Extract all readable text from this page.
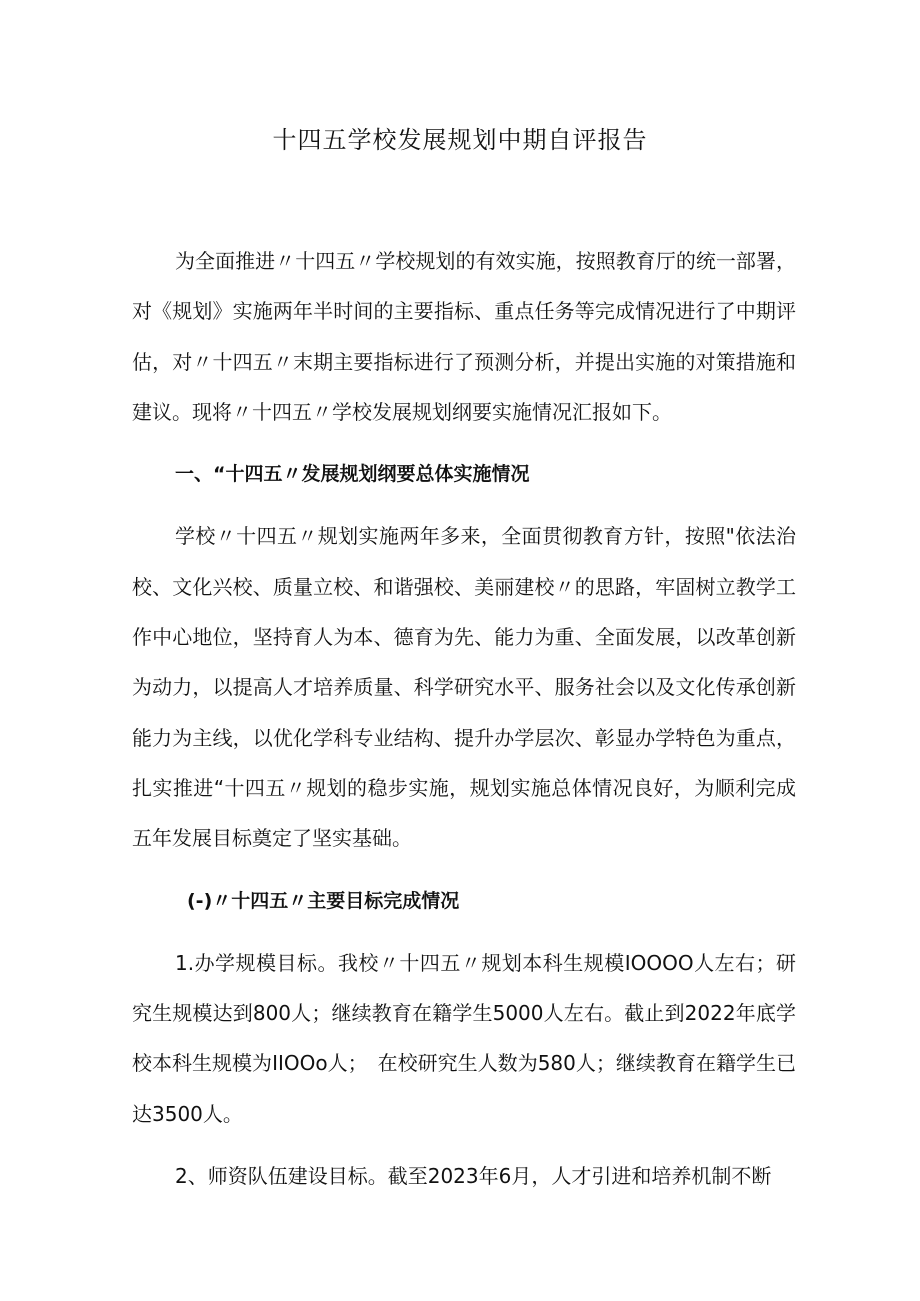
十四五学校发展规划中期自评报告

为全面推进〃十四五〃学校规划的有效实施，按照教育厅的统一部署，对《规划》实施两年半时间的主要指标、重点任务等完成情况进行了中期评估，对〃十四五〃末期主要指标进行了预测分析，并提出实施的对策措施和建议。现将〃十四五〃学校发展规划纲要实施情况汇报如下。

一、“十四五〃发展规划纲要总体实施情况

学校〃十四五〃规划实施两年多来，全面贯彻教育方针，按照"依法治校、文化兴校、质量立校、和谐强校、美丽建校〃的思路，牢固树立教学工作中心地位，坚持育人为本、德育为先、能力为重、全面发展，以改革创新为动力，以提高人才培养质量、科学研究水平、服务社会以及文化传承创新能力为主线，以优化学科专业结构、提升办学层次、彰显办学特色为重点，扎实推进“十四五〃规划的稳步实施，规划实施总体情况良好，为顺利完成五年发展目标奠定了坚实基础。

(-)〃十四五〃主要目标完成情况

1.办学规模目标。我校〃十四五〃规划本科生规模IOOOO人左右；研究生规模达到800人；继续教育在籍学生5000人左右。截止到2022年底学校本科生规模为IIOOo人；　在校研究生人数为580人；继续教育在籍学生已达3500人。

2、师资队伍建设目标。截至2023年6月，人才引进和培养机制不断
